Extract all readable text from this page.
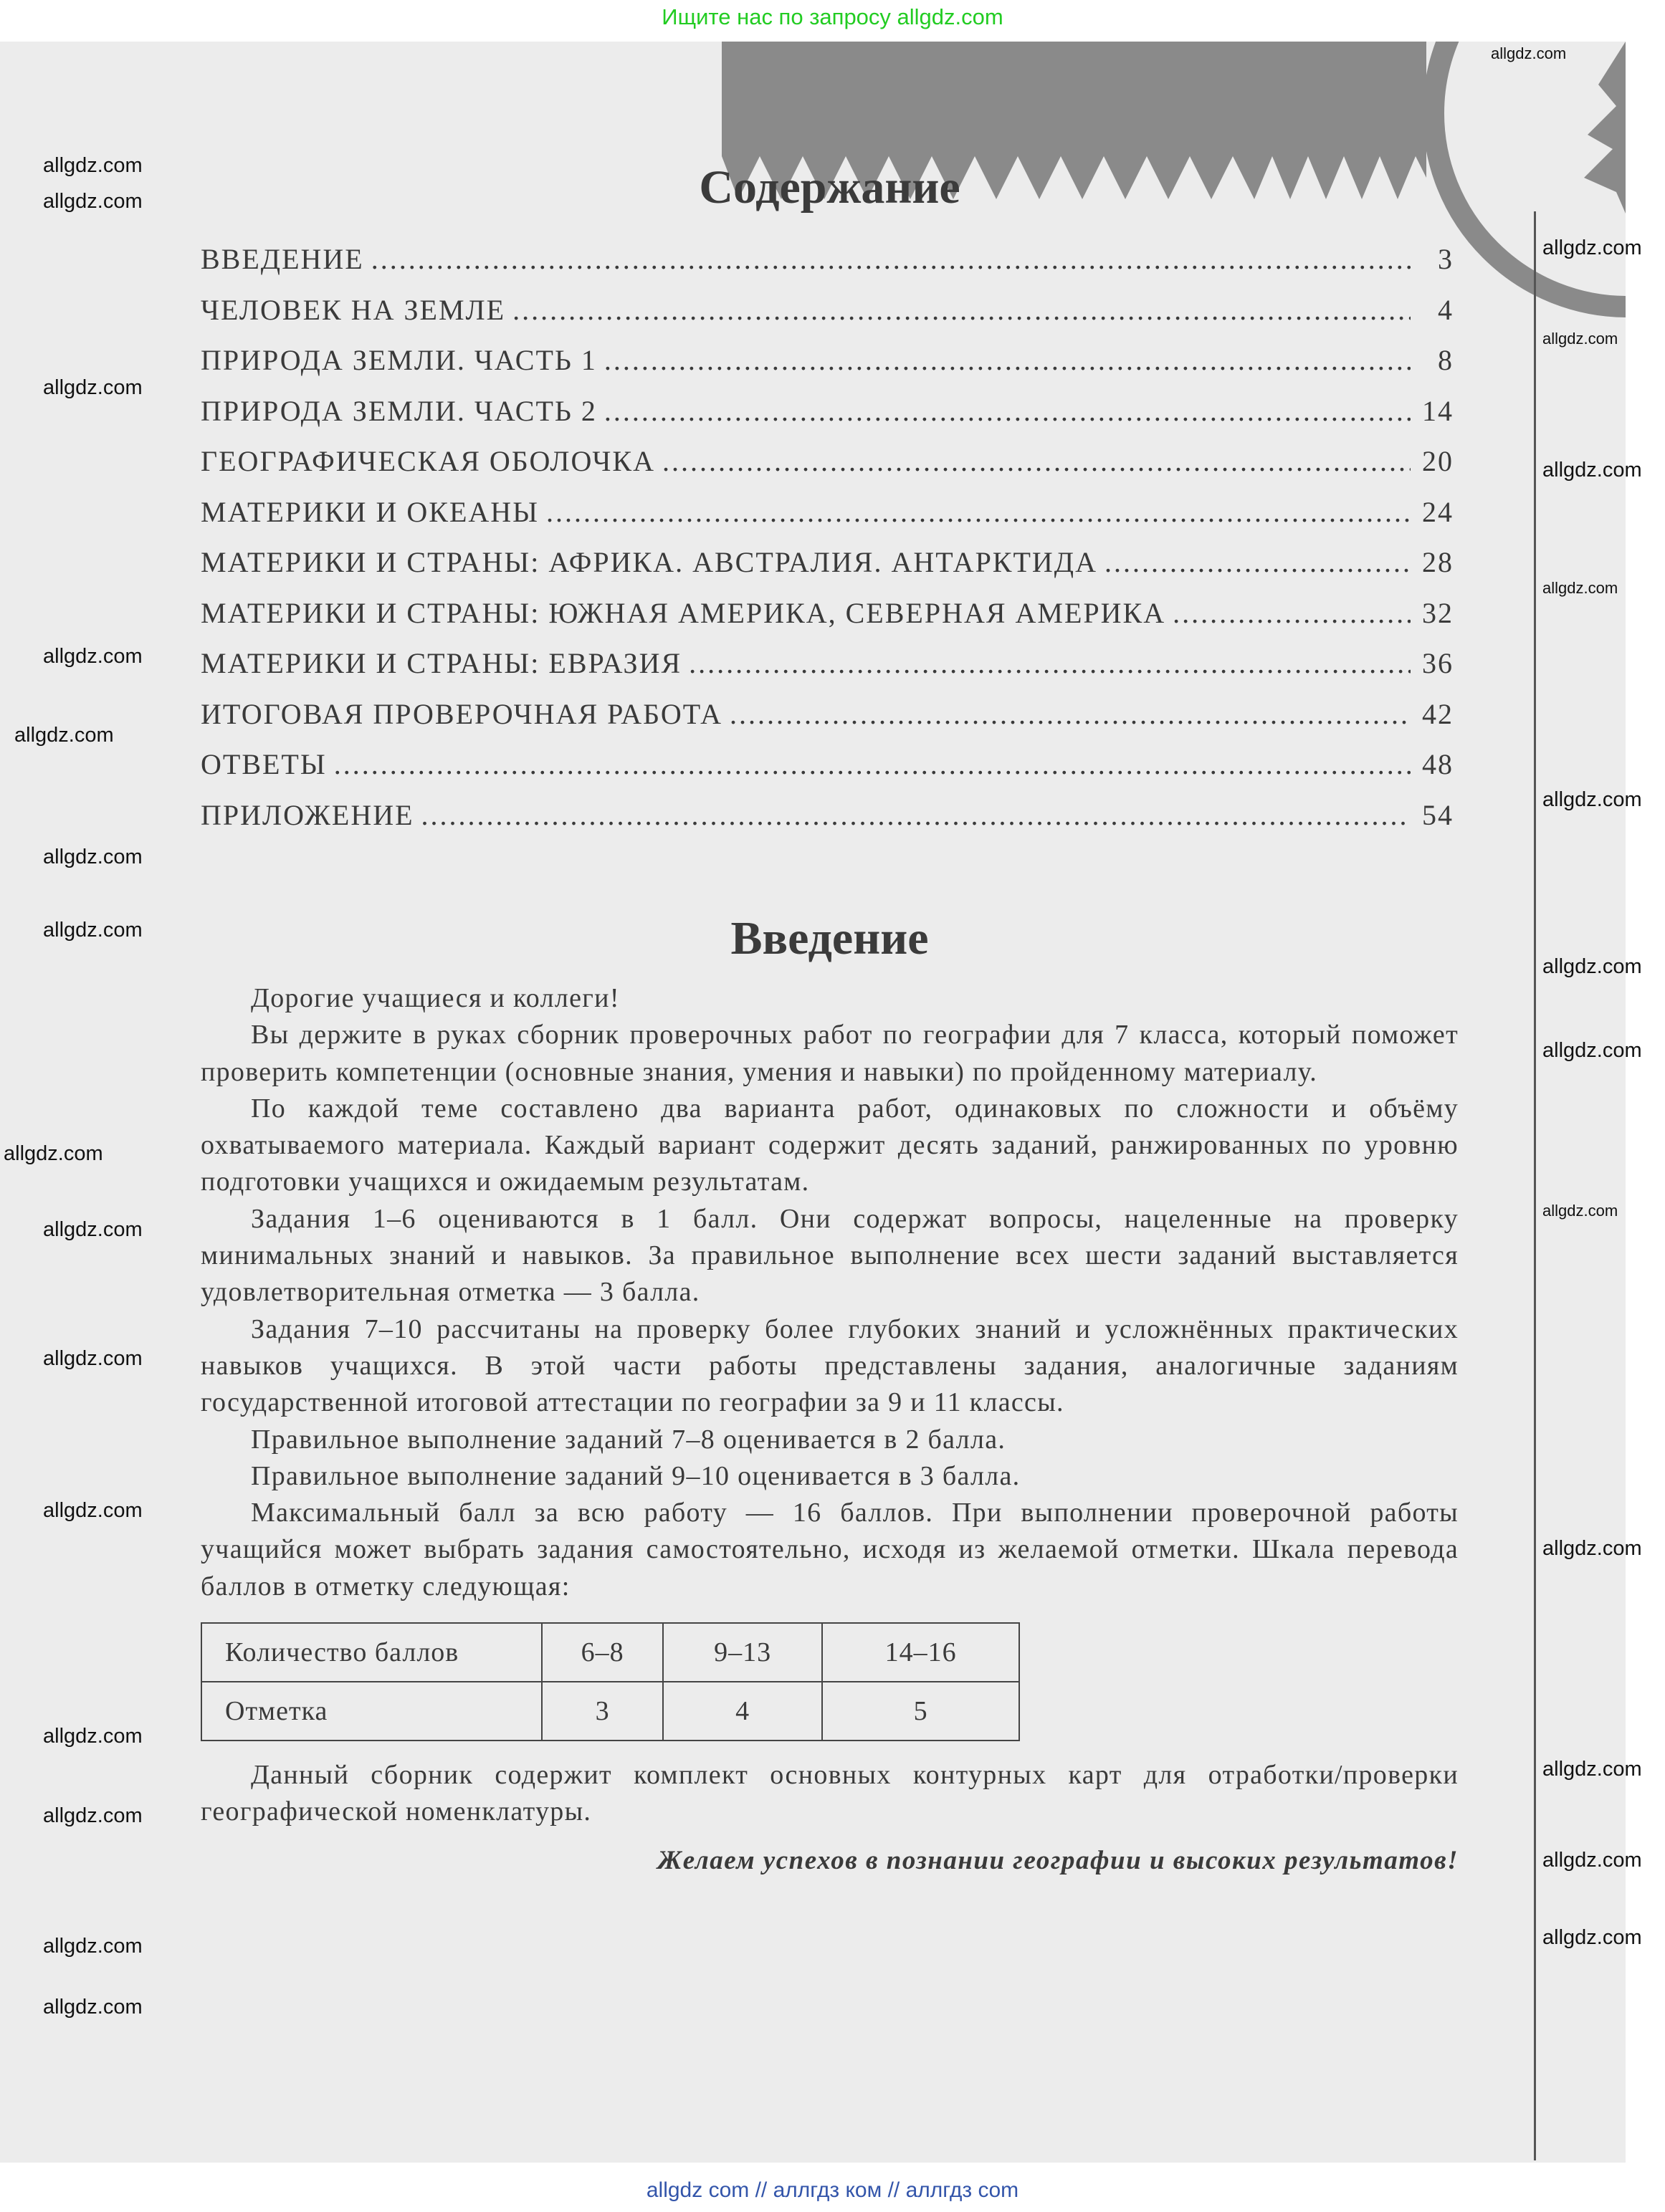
Ищите нас по запросу allgdz.com
Содержание
ВВЕДЕНИЕ .....	3
ЧЕЛОВЕК НА ЗЕМЛЕ .....	4
ПРИРОДА ЗЕМЛИ. ЧАСТЬ 1 .....	8
ПРИРОДА ЗЕМЛИ. ЧАСТЬ 2 .....	14
ГЕОГРАФИЧЕСКАЯ ОБОЛОЧКА .....	20
МАТЕРИКИ И ОКЕАНЫ .....	24
МАТЕРИКИ И СТРАНЫ: АФРИКА. АВСТРАЛИЯ. АНТАРКТИДА .....	28
МАТЕРИКИ И СТРАНЫ: ЮЖНАЯ АМЕРИКА, СЕВЕРНАЯ АМЕРИКА .....	32
МАТЕРИКИ И СТРАНЫ: ЕВРАЗИЯ .....	36
ИТОГОВАЯ ПРОВЕРОЧНАЯ РАБОТА .....	42
ОТВЕТЫ .....	48
ПРИЛОЖЕНИЕ .....	54
Введение

Дорогие учащиеся и коллеги!

Вы держите в руках сборник проверочных работ по географии для 7 класса, который поможет проверить компетенции (основные знания, умения и навыки) по пройденному материалу.

По каждой теме составлено два варианта работ, одинаковых по сложности и объёму охватываемого материала. Каждый вариант содержит десять заданий, ранжированных по уровню подготовки учащихся и ожидаемым результатам.

Задания 1–6 оцениваются в 1 балл. Они содержат вопросы, нацеленные на проверку минимальных знаний и навыков. За правильное выполнение всех шести заданий выставляется удовлетворительная отметка — 3 балла.

Задания 7–10 рассчитаны на проверку более глубоких знаний и усложнённых практических навыков учащихся. В этой части работы представлены задания, аналогичные заданиям государственной итоговой аттестации по географии за 9 и 11 классы.

Правильное выполнение заданий 7–8 оценивается в 2 балла.

Правильное выполнение заданий 9–10 оценивается в 3 балла.

Максимальный балл за всю работу — 16 баллов. При выполнении проверочной работы учащийся может выбрать задания самостоятельно, исходя из желаемой отметки. Шкала перевода баллов в отметку следующая:

Количество баллов	6–8	9–13	14–16
Отметка	3	4	5

Данный сборник содержит комплект основных контурных карт для отработки/проверки географической номенклатуры.

Желаем успехов в познании географии и высоких результатов!
allgdz.com
allgdz.com
allgdz.com
allgdz.com
allgdz.com
allgdz.com
allgdz.com
allgdz.com
allgdz.com
allgdz.com
allgdz.com
allgdz.com
allgdz.com
allgdz.com
allgdz.com
allgdz.com
allgdz.com
allgdz.com
allgdz.com
allgdz.com
allgdz.com
allgdz.com
allgdz.com
allgdz.com
allgdz.com
allgdz.com
allgdz.com
allgdz.com
allgdz com // аллгдз ком // аллгдз com
